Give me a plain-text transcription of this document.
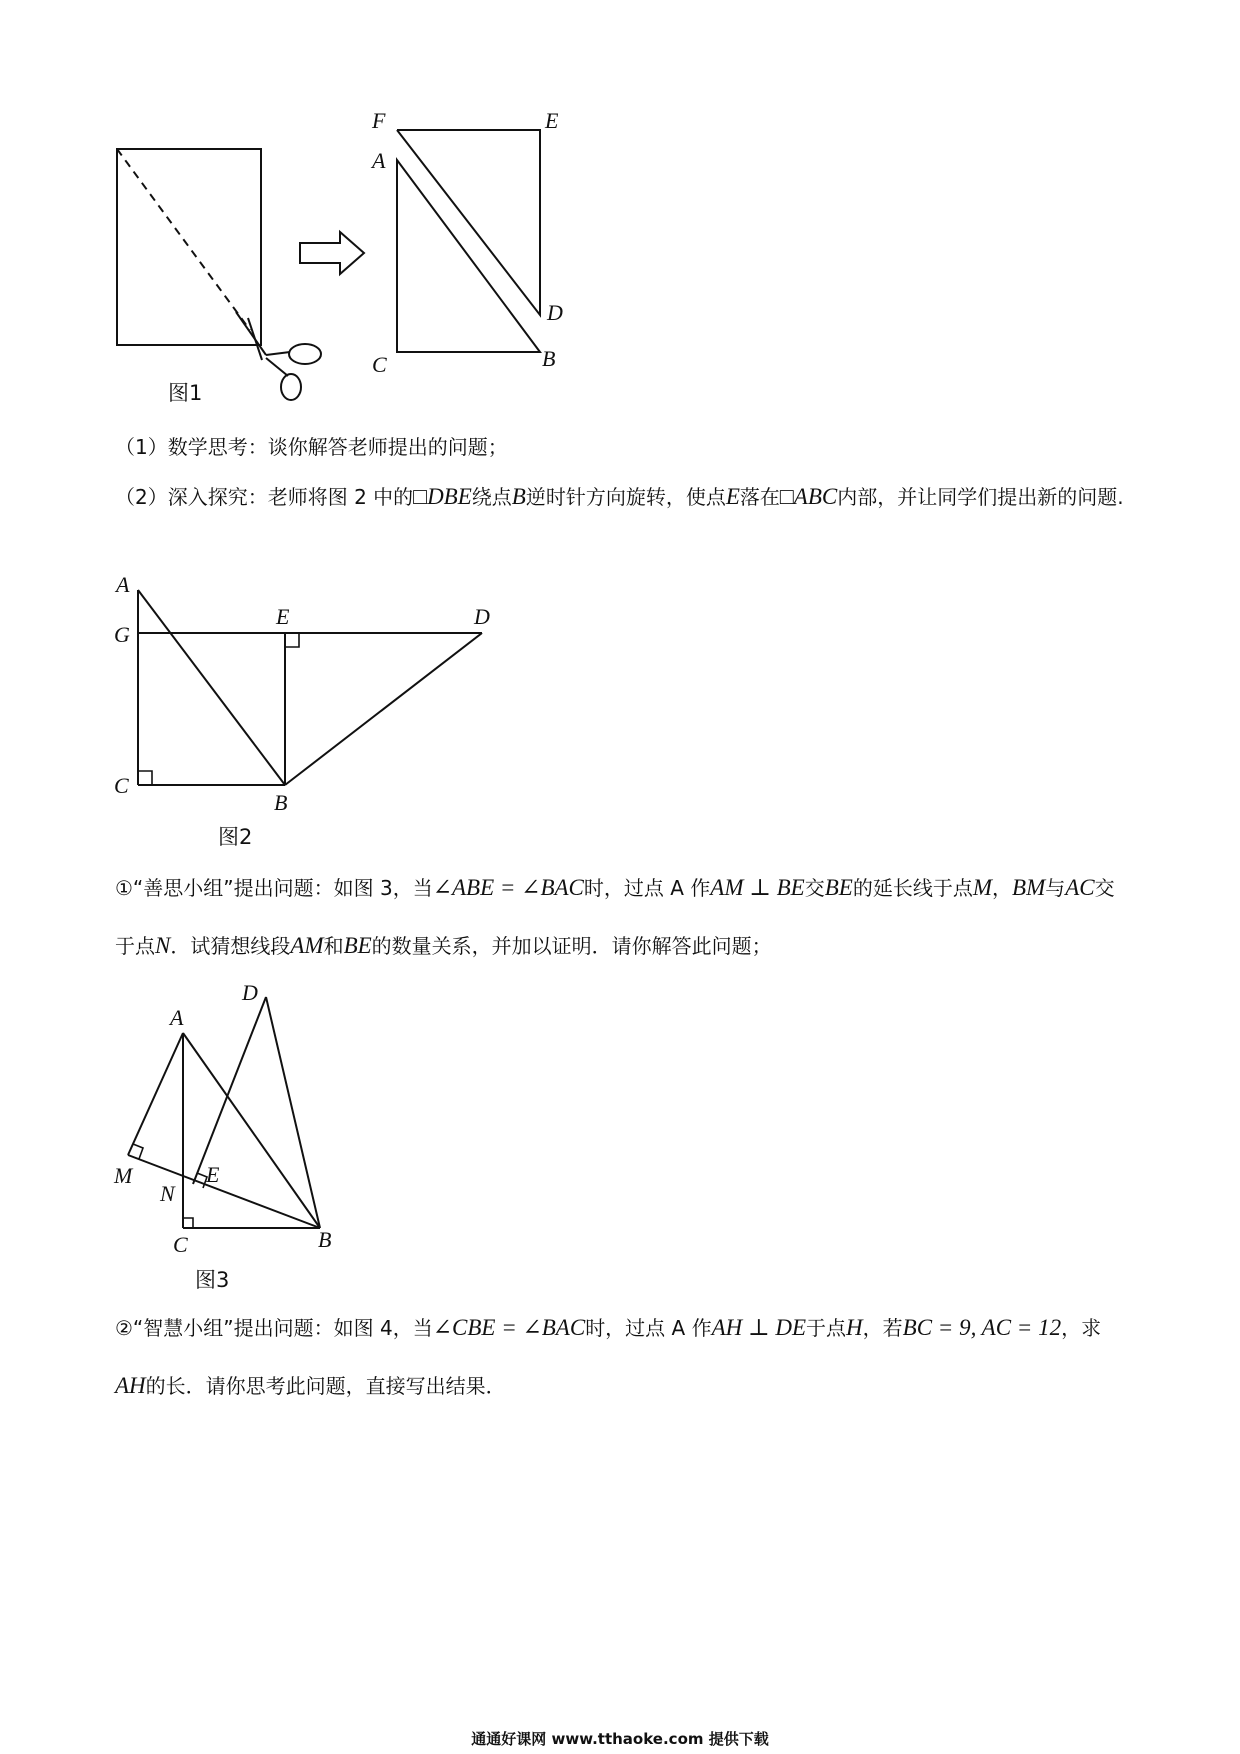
F	E
A
D
C	B
图1

（1）数学思考：谈你解答老师提出的问题；

（2）深入探究：老师将图 2 中的□DBE绕点B逆时针方向旋转，使点E落在□ABC内部，并让同学们提出新的问题.

A
E	D
G
C
B
图2

①“善思小组”提出问题：如图 3，当∠ABE = ∠BAC时，过点 A 作AM ⊥ BE交BE的延长线于点M，BM与AC交于点N．试猜想线段AM和BE的数量关系，并加以证明．请你解答此问题；

D
A
M	E
N
C	B
图3

②“智慧小组”提出问题：如图 4，当∠CBE = ∠BAC时，过点 A 作AH ⊥ DE于点H，若BC = 9, AC = 12，求AH的长．请你思考此问题，直接写出结果．

通通好课网 www.tthaoke.com 提供下载
